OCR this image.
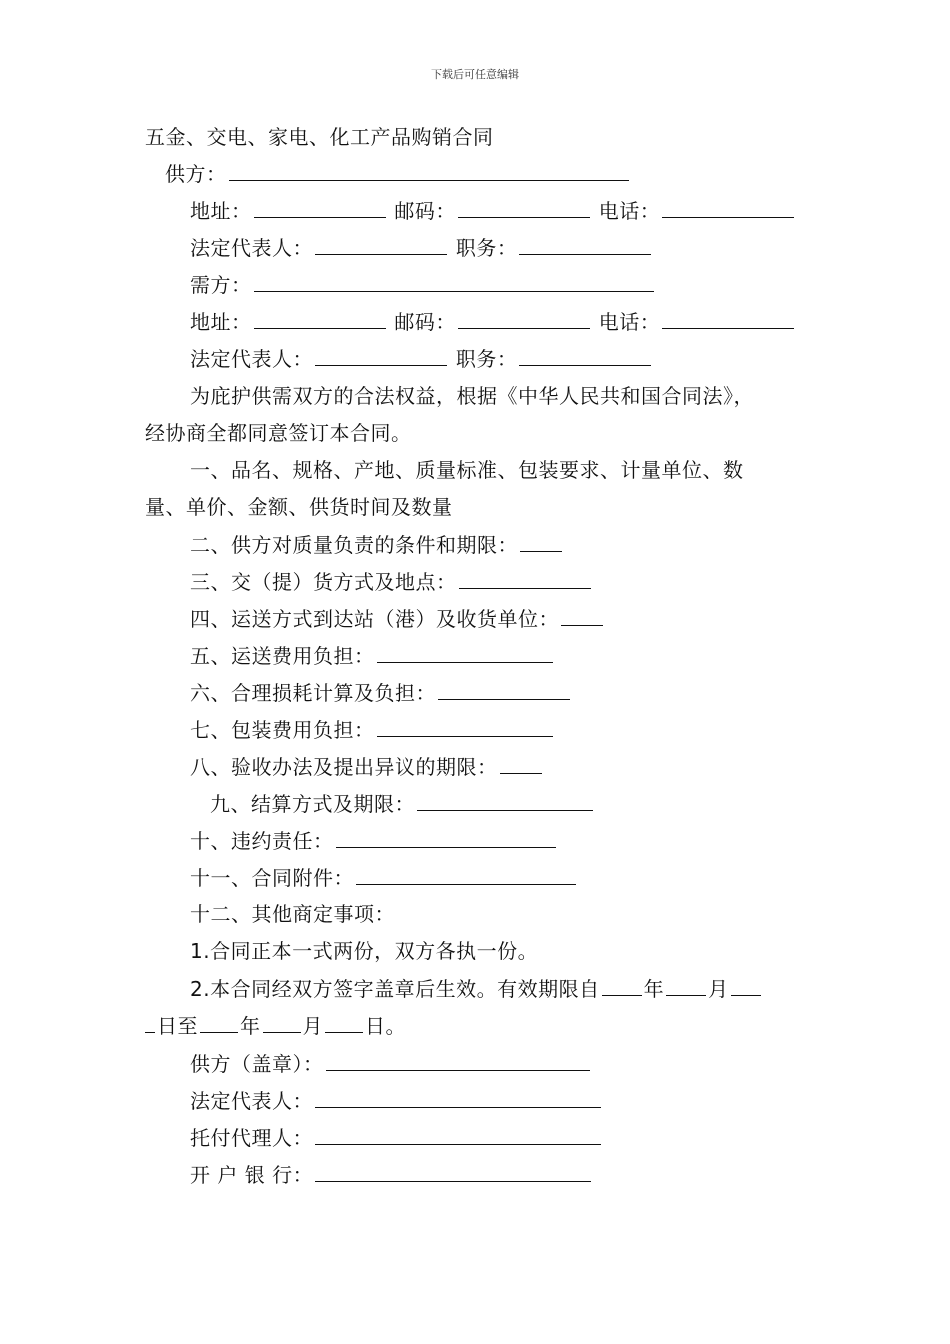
下载后可任意编辑
五金、交电、家电、化工产品购销合同
供方：
地址：	邮码：	电话：
法定代表人：	职务：
需方：
地址：	邮码：	电话：
法定代表人：	职务：
为庇护供需双方的合法权益，根据《中华人民共和国合同法》，
经协商全都同意签订本合同。
一、品名、规格、产地、质量标准、包装要求、计量单位、数
量、单价、金额、供货时间及数量
二、供方对质量负责的条件和期限：
三、交（提）货方式及地点：
四、运送方式到达站（港）及收货单位：
五、运送费用负担：
六、合理损耗计算及负担：
七、包装费用负担：
八、验收办法及提出异议的期限：
九、结算方式及期限：
十、违约责任：
十一、合同附件：
十二、其他商定事项：
1.合同正本一式两份，双方各执一份。
2.本合同经双方签字盖章后生效。有效期限自 年 月
日至 年 月 日。
供方（盖章）：
法定代表人：
托付代理人：
开 户 银 行：
